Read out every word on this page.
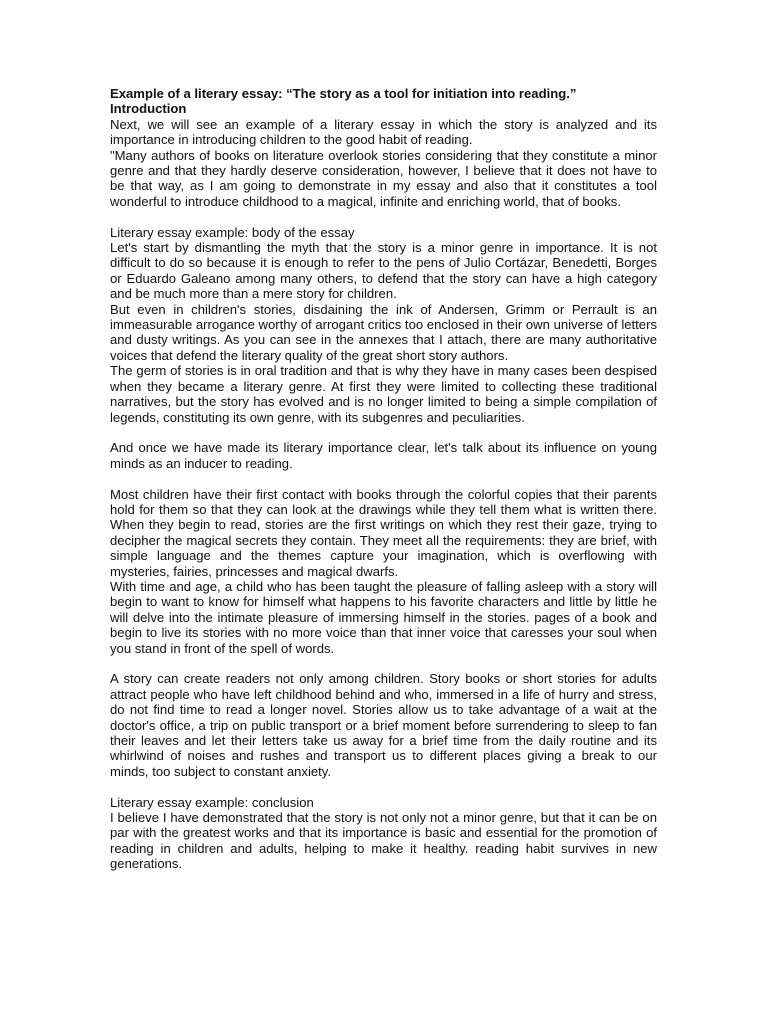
Example of a literary essay: “The story as a tool for initiation into reading.”

Introduction

Next, we will see an example of a literary essay in which the story is analyzed and its importance in introducing children to the good habit of reading.

"Many authors of books on literature overlook stories considering that they constitute a minor genre and that they hardly deserve consideration, however, I believe that it does not have to be that way, as I am going to demonstrate in my essay and also that it constitutes a tool wonderful to introduce childhood to a magical, infinite and enriching world, that of books.

Literary essay example: body of the essay

Let's start by dismantling the myth that the story is a minor genre in importance. It is not difficult to do so because it is enough to refer to the pens of Julio Cortázar, Benedetti, Borges or Eduardo Galeano among many others, to defend that the story can have a high category and be much more than a mere story for children.

But even in children's stories, disdaining the ink of Andersen, Grimm or Perrault is an immeasurable arrogance worthy of arrogant critics too enclosed in their own universe of letters and dusty writings. As you can see in the annexes that I attach, there are many authoritative voices that defend the literary quality of the great short story authors.

The germ of stories is in oral tradition and that is why they have in many cases been despised when they became a literary genre. At first they were limited to collecting these traditional narratives, but the story has evolved and is no longer limited to being a simple compilation of legends, constituting its own genre, with its subgenres and peculiarities.

And once we have made its literary importance clear, let's talk about its influence on young minds as an inducer to reading.

Most children have their first contact with books through the colorful copies that their parents hold for them so that they can look at the drawings while they tell them what is written there. When they begin to read, stories are the first writings on which they rest their gaze, trying to decipher the magical secrets they contain. They meet all the requirements: they are brief, with simple language and the themes capture your imagination, which is overflowing with mysteries, fairies, princesses and magical dwarfs.

With time and age, a child who has been taught the pleasure of falling asleep with a story will begin to want to know for himself what happens to his favorite characters and little by little he will delve into the intimate pleasure of immersing himself in the stories. pages of a book and begin to live its stories with no more voice than that inner voice that caresses your soul when you stand in front of the spell of words.

A story can create readers not only among children. Story books or short stories for adults attract people who have left childhood behind and who, immersed in a life of hurry and stress, do not find time to read a longer novel. Stories allow us to take advantage of a wait at the doctor's office, a trip on public transport or a brief moment before surrendering to sleep to fan their leaves and let their letters take us away for a brief time from the daily routine and its whirlwind of noises and rushes and transport us to different places giving a break to our minds, too subject to constant anxiety.

Literary essay example: conclusion

I believe I have demonstrated that the story is not only not a minor genre, but that it can be on par with the greatest works and that its importance is basic and essential for the promotion of reading in children and adults, helping to make it healthy. reading habit survives in new generations.
